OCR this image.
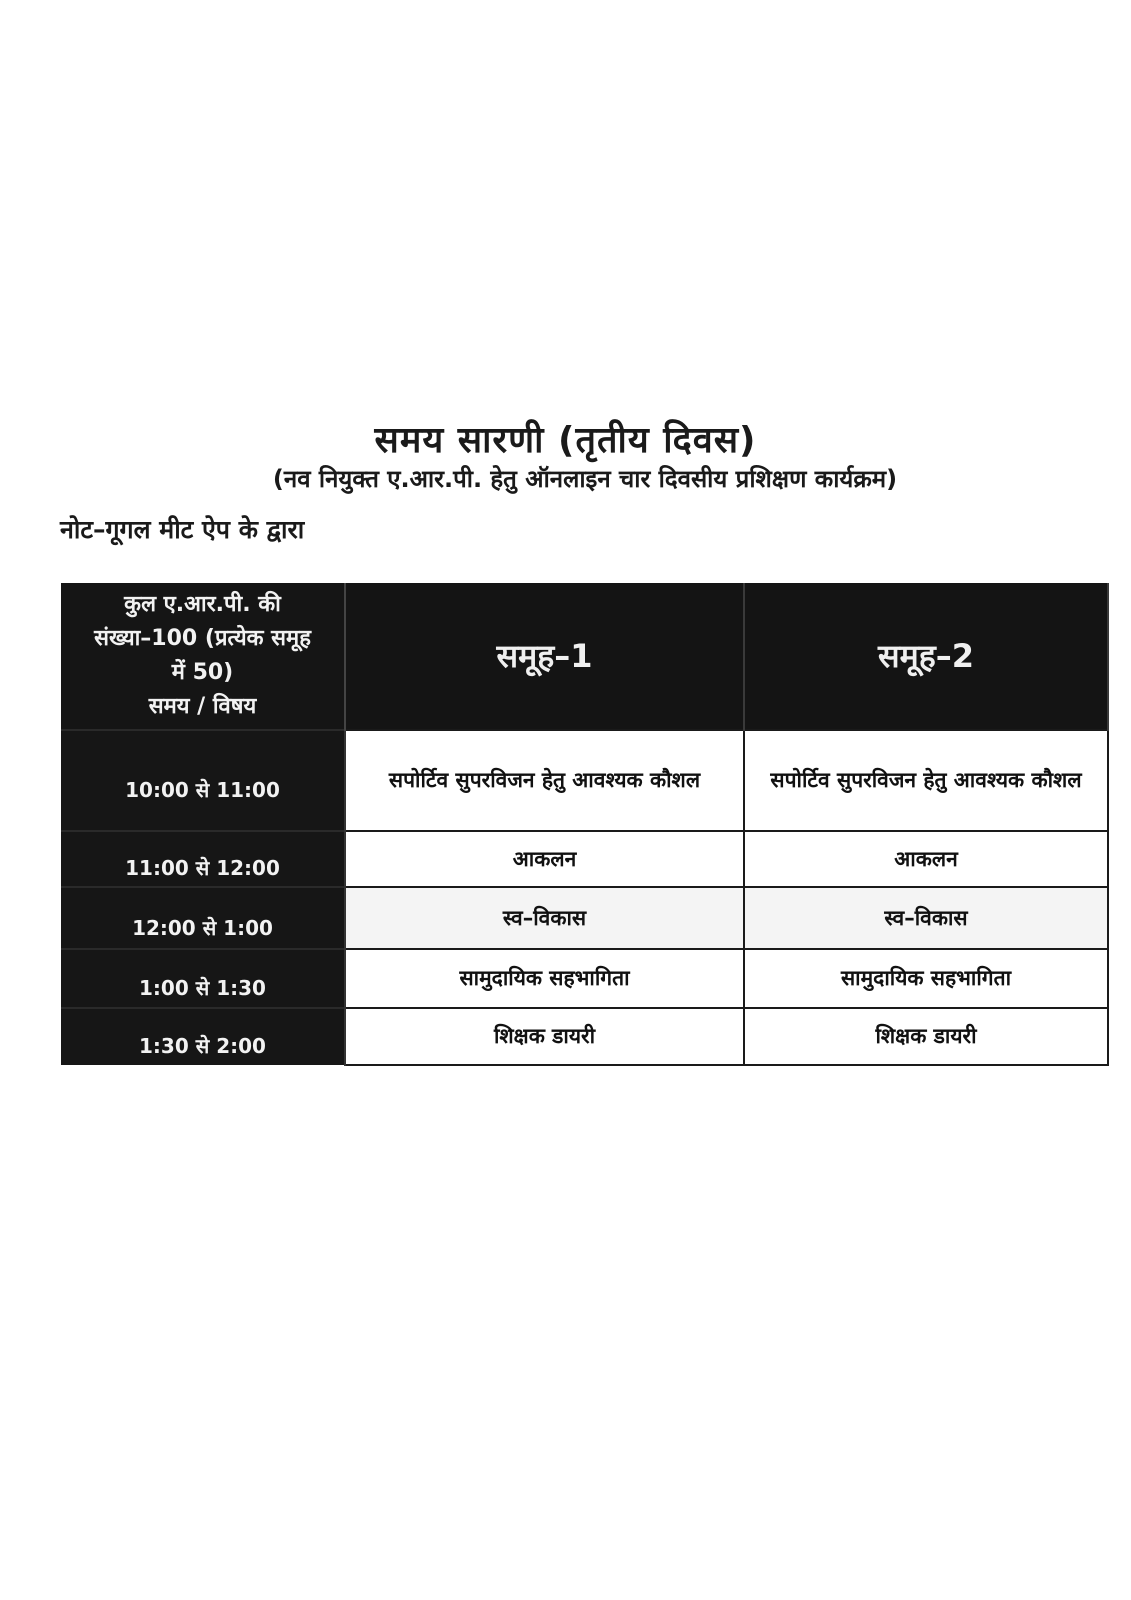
समय सारणी (तृतीय दिवस)
(नव नियुक्त ए.आर.पी. हेतु ऑनलाइन चार दिवसीय प्रशिक्षण कार्यक्रम)
नोट–गूगल मीट ऐप के द्वारा
कुल ए.आर.पी. की
संख्या–100 (प्रत्येक समूह
में 50)
समय / विषय	समूह–1	समूह–2
10:00 से 11:00	सपोर्टिव सुपरविजन हेतु आवश्यक कौशल	सपोर्टिव सुपरविजन हेतु आवश्यक कौशल
11:00 से 12:00	आकलन	आकलन
12:00 से 1:00	स्व–विकास	स्व–विकास
1:00 से 1:30	सामुदायिक सहभागिता	सामुदायिक सहभागिता
1:30 से 2:00	शिक्षक डायरी	शिक्षक डायरी
